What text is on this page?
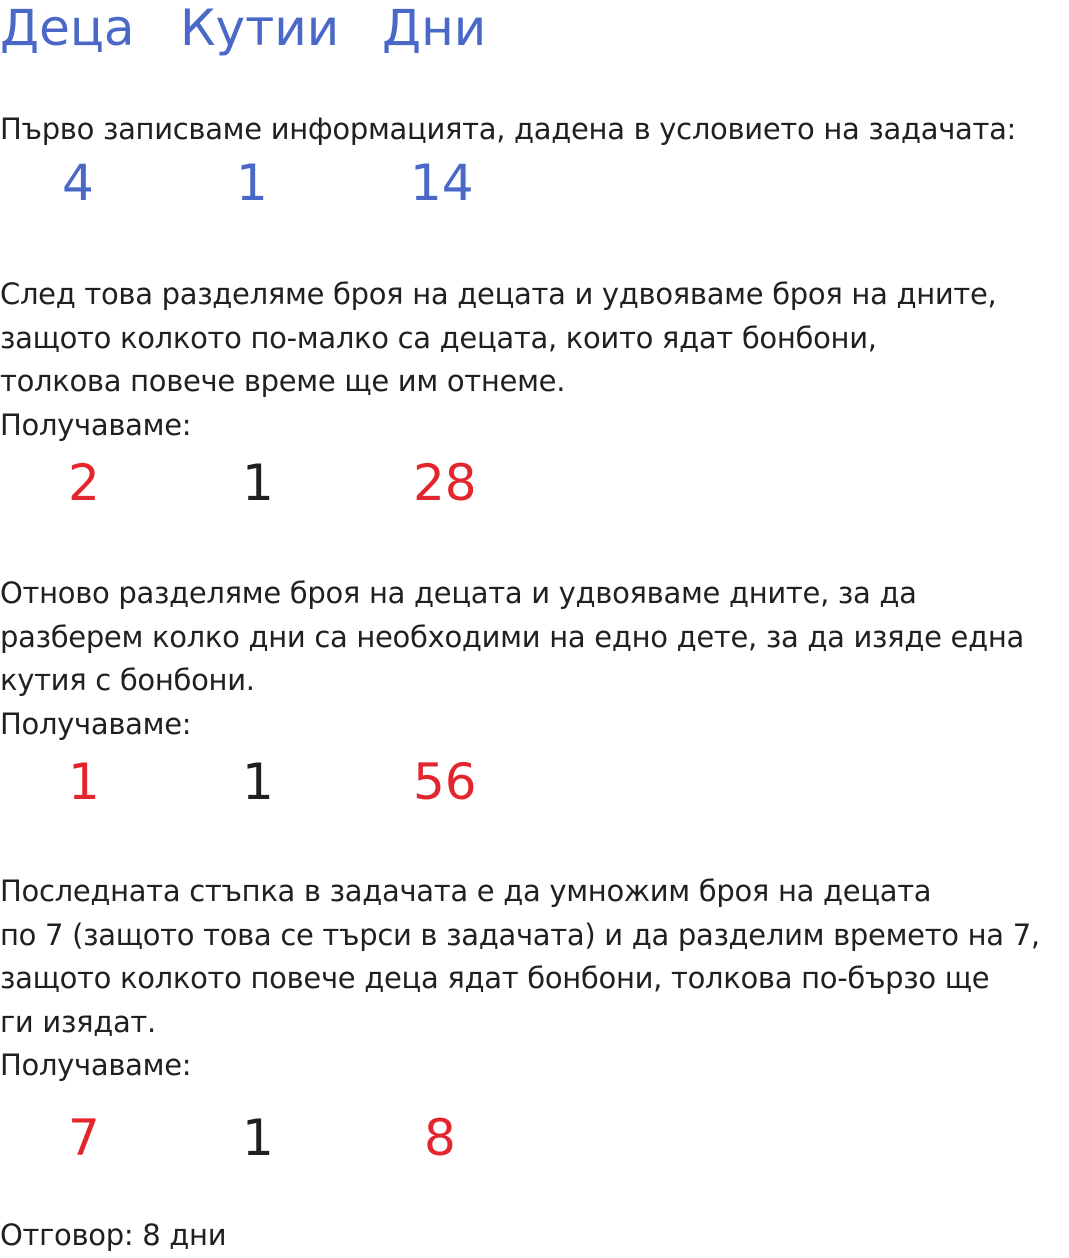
Деца Кутии Дни
Първо записваме информацията, дадена в условието на задачата:
4	1	14
След това разделяме броя на децата и удвояваме броя на дните,
защото колкото по-малко са децата, които ядат бонбони,
толкова повече време ще им отнеме.
Получаваме:
2	1	28
Отново разделяме броя на децата и удвояваме дните, за да
разберем колко дни са необходими на едно дете, за да изяде една
кутия с бонбони.
Получаваме:
1	1	56
Последната стъпка в задачата е да умножим броя на децата
по 7 (защото това се търси в задачата) и да разделим времето на 7,
защото колкото повече деца ядат бонбони, толкова по-бързо ще
ги изядат.
Получаваме:
7	1	8
Отговор: 8 дни
